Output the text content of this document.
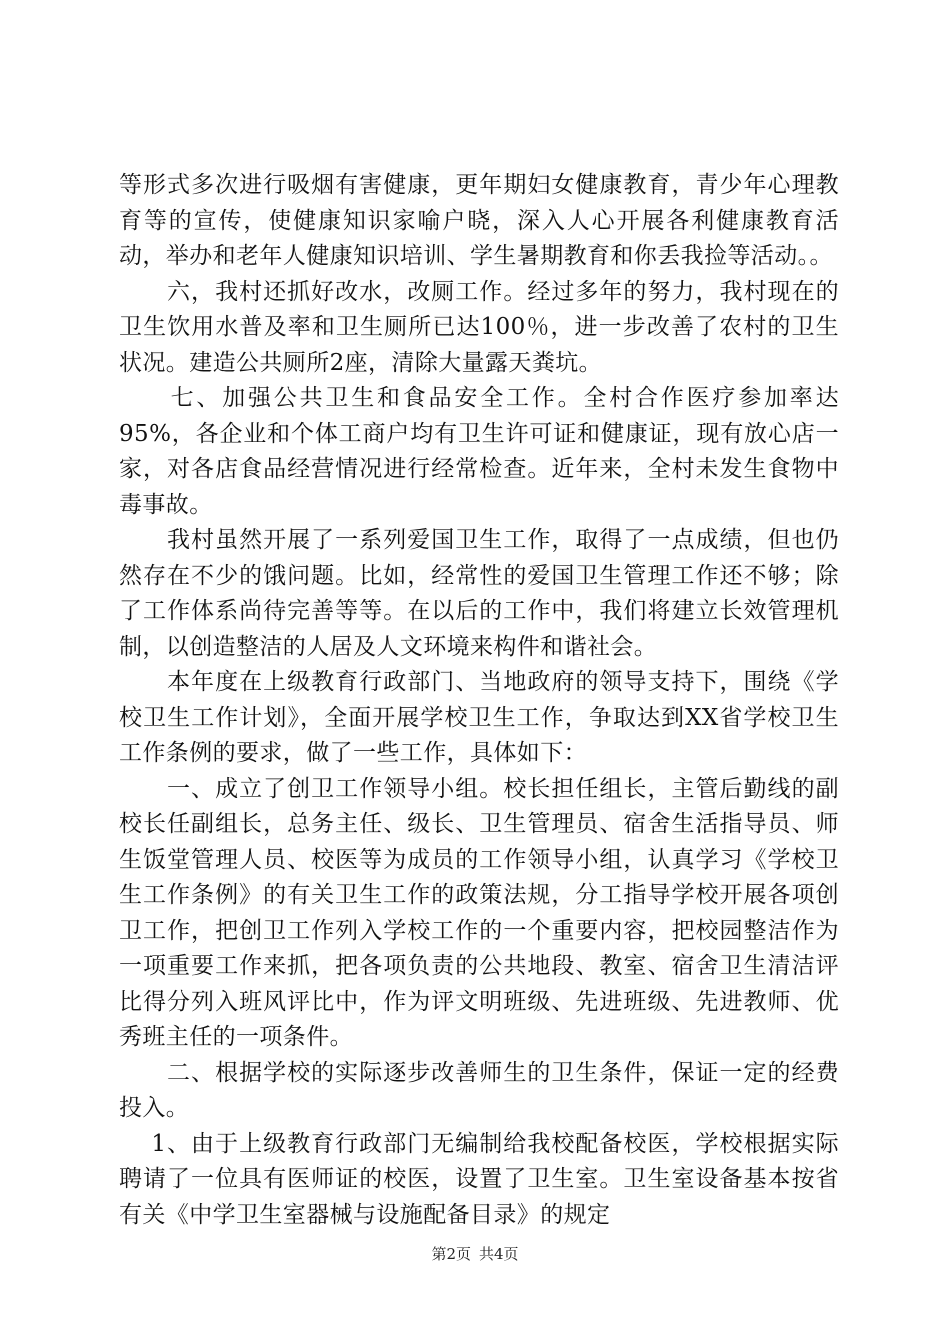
等形式多次进行吸烟有害健康，更年期妇女健康教育，青少年心理教育等的宣传，使健康知识家喻户晓，深入人心开展各利健康教育活动，举办和老年人健康知识培训、学生暑期教育和你丢我捡等活动。。

　　六，我村还抓好改水，改厕工作。经过多年的努力，我村现在的卫生饮用水普及率和卫生厕所已达100％，进一步改善了农村的卫生状况。建造公共厕所2座，清除大量露天粪坑。

　　七、加强公共卫生和食品安全工作。全村合作医疗参加率达95%，各企业和个体工商户均有卫生许可证和健康证，现有放心店一家，对各店食品经营情况进行经常检查。近年来，全村未发生食物中毒事故。

　　我村虽然开展了一系列爱国卫生工作，取得了一点成绩，但也仍然存在不少的饿问题。比如，经常性的爱国卫生管理工作还不够；除了工作体系尚待完善等等。在以后的工作中，我们将建立长效管理机制，以创造整洁的人居及人文环境来构件和谐社会。

　　本年度在上级教育行政部门、当地政府的领导支持下，围绕《学校卫生工作计划》，全面开展学校卫生工作，争取达到XX省学校卫生工作条例的要求，做了一些工作，具体如下：

　　一、成立了创卫工作领导小组。校长担任组长，主管后勤线的副校长任副组长，总务主任、级长、卫生管理员、宿舍生活指导员、师生饭堂管理人员、校医等为成员的工作领导小组，认真学习《学校卫生工作条例》的有关卫生工作的政策法规，分工指导学校开展各项创卫工作，把创卫工作列入学校工作的一个重要内容，把校园整洁作为一项重要工作来抓，把各项负责的公共地段、教室、宿舍卫生清洁评比得分列入班风评比中，作为评文明班级、先进班级、先进教师、优秀班主任的一项条件。

　　二、根据学校的实际逐步改善师生的卫生条件，保证一定的经费投入。

　 1、由于上级教育行政部门无编制给我校配备校医，学校根据实际聘请了一位具有医师证的校医，设置了卫生室。卫生室设备基本按省有关《中学卫生室器械与设施配备目录》的规定

第2页 共4页
